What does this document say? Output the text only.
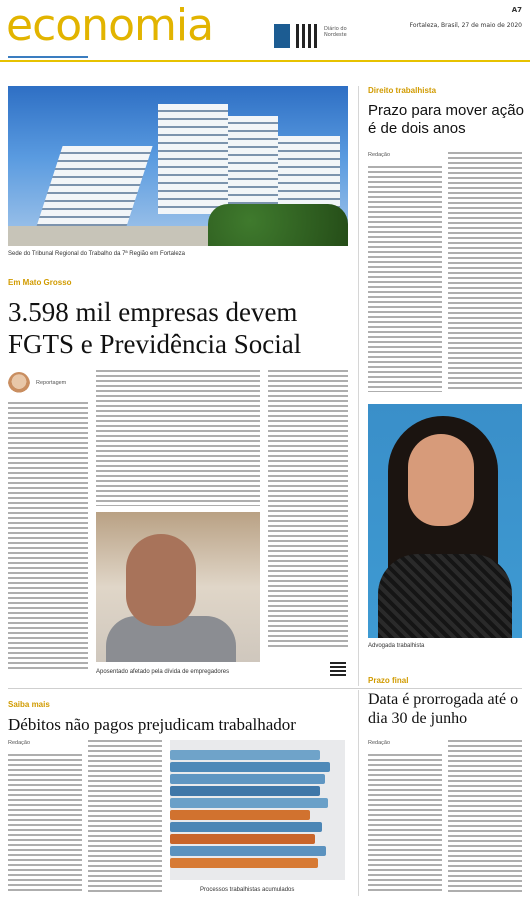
economia	Diário do Nordeste
A7
Fortaleza, Brasil, 27 de maio de 2020
Sede do Tribunal Regional do Trabalho da 7ª Região em Fortaleza
Em Mato Grosso
3.598 mil empresas devem FGTS e Previdência Social
Reportagem
Aposentado afetado pela dívida de empregadores
Direito trabalhista
Prazo para mover ação é de dois anos
Redação
Advogada trabalhista
Saiba mais
Débitos não pagos prejudicam trabalhador
Redação
Processos trabalhistas acumulados
Prazo final
Data é prorrogada até o dia 30 de junho
Redação
